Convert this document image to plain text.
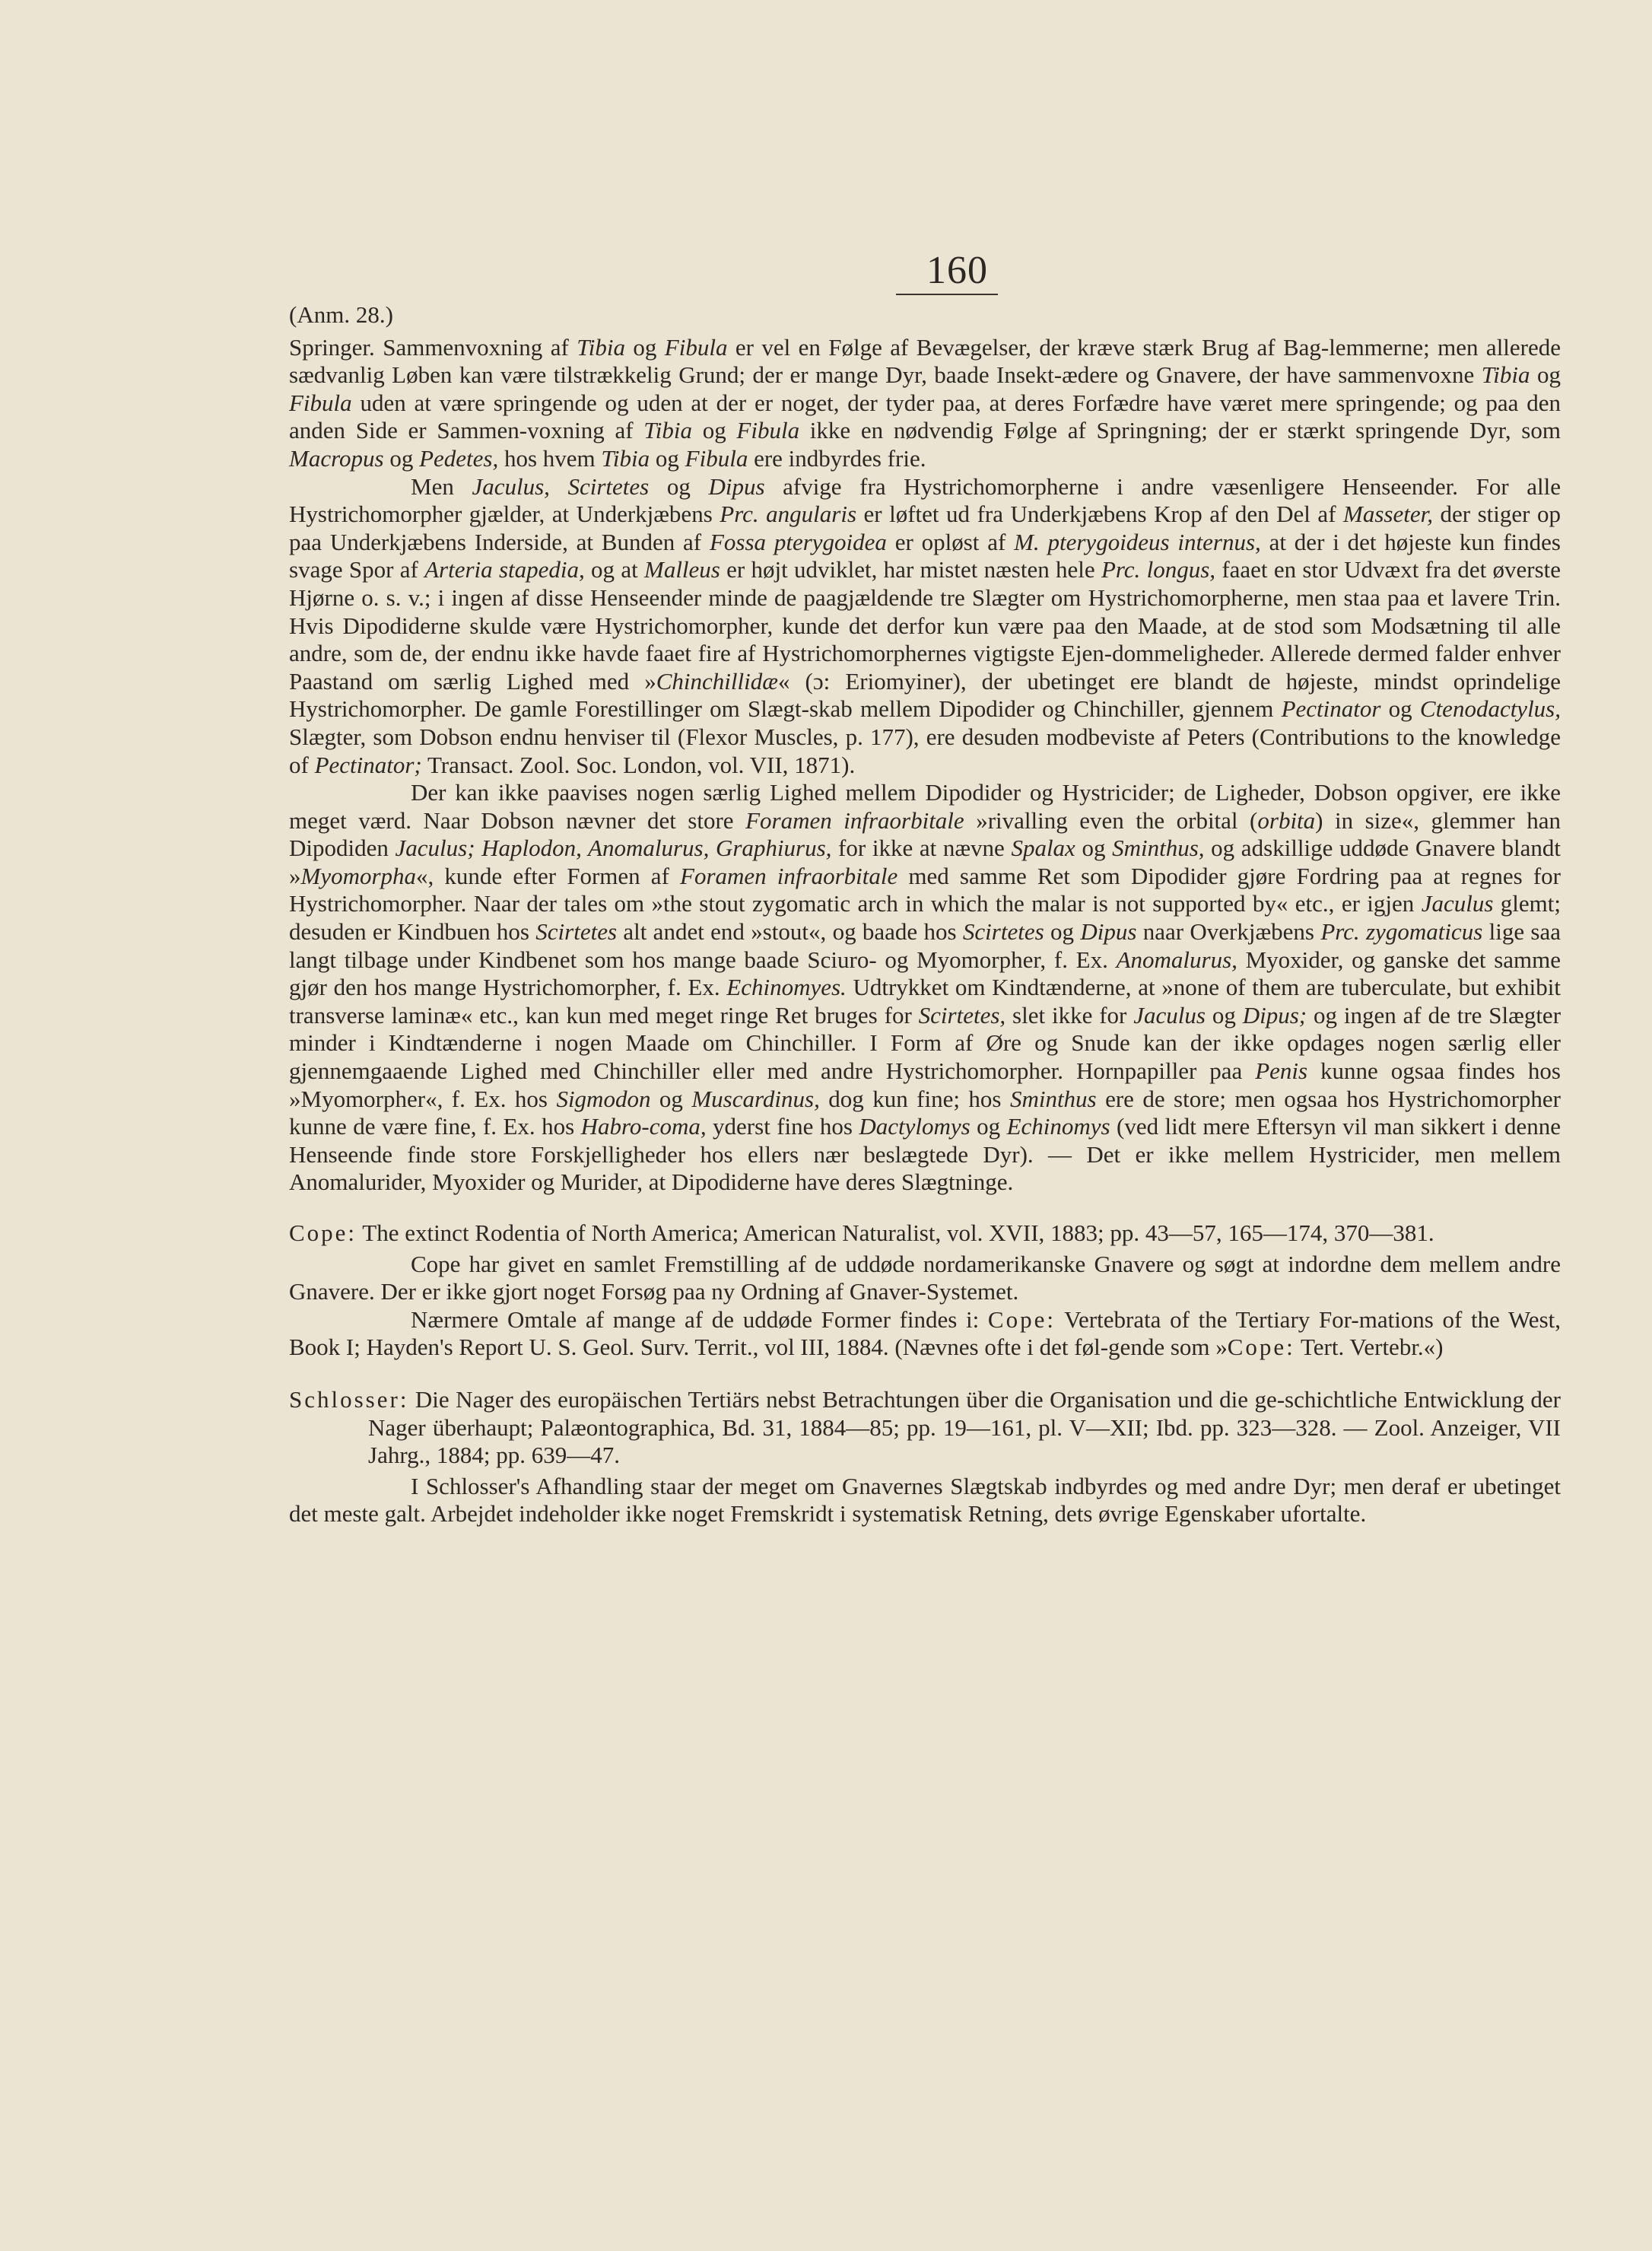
160

(Anm. 28.)

Springer. Sammenvoxning af Tibia og Fibula er vel en Følge af Bevægelser, der kræve stærk Brug af Bag-lemmerne; men allerede sædvanlig Løben kan være tilstrækkelig Grund; der er mange Dyr, baade Insekt-ædere og Gnavere, der have sammenvoxne Tibia og Fibula uden at være springende og uden at der er noget, der tyder paa, at deres Forfædre have været mere springende; og paa den anden Side er Sammen-voxning af Tibia og Fibula ikke en nødvendig Følge af Springning; der er stærkt springende Dyr, som Macropus og Pedetes, hos hvem Tibia og Fibula ere indbyrdes frie.

Men Jaculus, Scirtetes og Dipus afvige fra Hystrichomorpherne i andre væsenligere Henseender. For alle Hystrichomorpher gjælder, at Underkjæbens Prc. angularis er løftet ud fra Underkjæbens Krop af den Del af Masseter, der stiger op paa Underkjæbens Inderside, at Bunden af Fossa pterygoidea er opløst af M. pterygoideus internus, at der i det højeste kun findes svage Spor af Arteria stapedia, og at Malleus er højt udviklet, har mistet næsten hele Prc. longus, faaet en stor Udvæxt fra det øverste Hjørne o. s. v.; i ingen af disse Henseender minde de paagjældende tre Slægter om Hystrichomorpherne, men staa paa et lavere Trin. Hvis Dipodiderne skulde være Hystrichomorpher, kunde det derfor kun være paa den Maade, at de stod som Modsætning til alle andre, som de, der endnu ikke havde faaet fire af Hystrichomorphernes vigtigste Ejen-dommeligheder. Allerede dermed falder enhver Paastand om særlig Lighed med »Chinchillidæ« (ɔ: Eriomyiner), der ubetinget ere blandt de højeste, mindst oprindelige Hystrichomorpher. De gamle Forestillinger om Slægt-skab mellem Dipodider og Chinchiller, gjennem Pectinator og Ctenodactylus, Slægter, som Dobson endnu henviser til (Flexor Muscles, p. 177), ere desuden modbeviste af Peters (Contributions to the knowledge of Pectinator; Transact. Zool. Soc. London, vol. VII, 1871).

Der kan ikke paavises nogen særlig Lighed mellem Dipodider og Hystricider; de Ligheder, Dobson opgiver, ere ikke meget værd. Naar Dobson nævner det store Foramen infraorbitale »rivalling even the orbital (orbita) in size«, glemmer han Dipodiden Jaculus; Haplodon, Anomalurus, Graphiurus, for ikke at nævne Spalax og Sminthus, og adskillige uddøde Gnavere blandt »Myomorpha«, kunde efter Formen af Foramen infraorbitale med samme Ret som Dipodider gjøre Fordring paa at regnes for Hystrichomorpher. Naar der tales om »the stout zygomatic arch in which the malar is not supported by« etc., er igjen Jaculus glemt; desuden er Kindbuen hos Scirtetes alt andet end »stout«, og baade hos Scirtetes og Dipus naar Overkjæbens Prc. zygomaticus lige saa langt tilbage under Kindbenet som hos mange baade Sciuro- og Myomorpher, f. Ex. Anomalurus, Myoxider, og ganske det samme gjør den hos mange Hystrichomorpher, f. Ex. Echinomyes. Udtrykket om Kindtænderne, at »none of them are tuberculate, but exhibit transverse laminæ« etc., kan kun med meget ringe Ret bruges for Scirtetes, slet ikke for Jaculus og Dipus; og ingen af de tre Slægter minder i Kindtænderne i nogen Maade om Chinchiller. I Form af Øre og Snude kan der ikke opdages nogen særlig eller gjennemgaaende Lighed med Chinchiller eller med andre Hystrichomorpher. Hornpapiller paa Penis kunne ogsaa findes hos »Myomorpher«, f. Ex. hos Sigmodon og Muscardinus, dog kun fine; hos Sminthus ere de store; men ogsaa hos Hystrichomorpher kunne de være fine, f. Ex. hos Habro-coma, yderst fine hos Dactylomys og Echinomys (ved lidt mere Eftersyn vil man sikkert i denne Henseende finde store Forskjelligheder hos ellers nær beslægtede Dyr). — Det er ikke mellem Hystricider, men mellem Anomalurider, Myoxider og Murider, at Dipodiderne have deres Slægtninge.

Cope: The extinct Rodentia of North America; American Naturalist, vol. XVII, 1883; pp. 43—57, 165—174, 370—381.

Cope har givet en samlet Fremstilling af de uddøde nordamerikanske Gnavere og søgt at indordne dem mellem andre Gnavere. Der er ikke gjort noget Forsøg paa ny Ordning af Gnaver-Systemet.

Nærmere Omtale af mange af de uddøde Former findes i: Cope: Vertebrata of the Tertiary For-mations of the West, Book I; Hayden's Report U. S. Geol. Surv. Territ., vol III, 1884. (Nævnes ofte i det føl-gende som »Cope: Tert. Vertebr.«)

Schlosser: Die Nager des europäischen Tertiärs nebst Betrachtungen über die Organisation und die ge-schichtliche Entwicklung der Nager überhaupt; Palæontographica, Bd. 31, 1884—85; pp. 19—161, pl. V—XII; Ibd. pp. 323—328. — Zool. Anzeiger, VII Jahrg., 1884; pp. 639—47.

I Schlosser's Afhandling staar der meget om Gnavernes Slægtskab indbyrdes og med andre Dyr; men deraf er ubetinget det meste galt. Arbejdet indeholder ikke noget Fremskridt i systematisk Retning, dets øvrige Egenskaber ufortalte.
